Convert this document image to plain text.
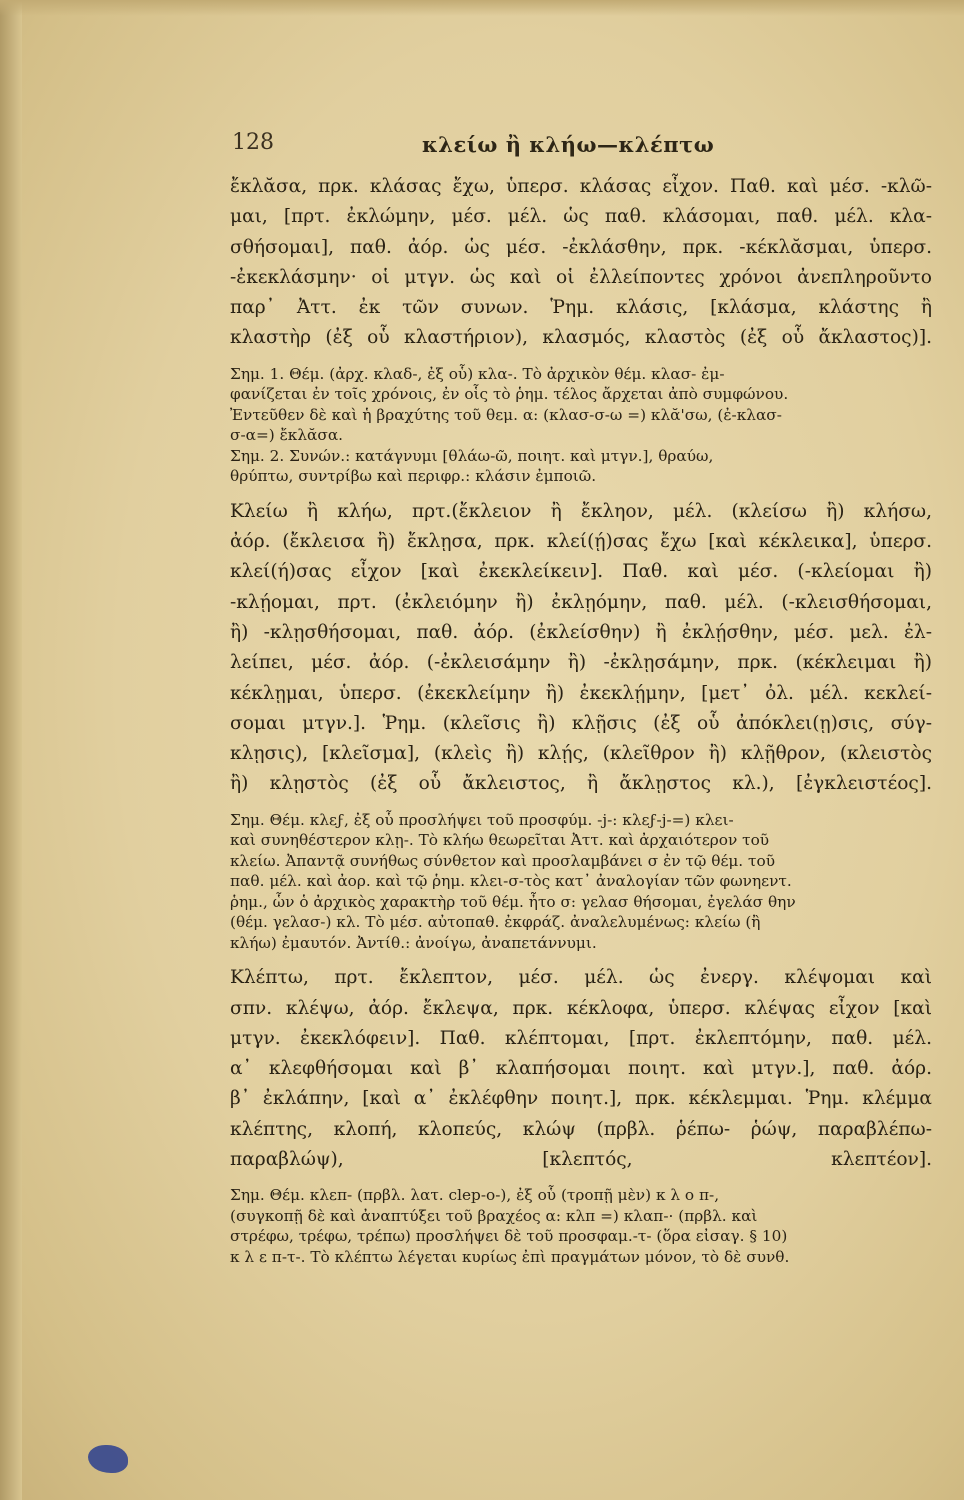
128	κλείω ἢ κλήω—κλέπτω

ἔκλᾰσα, πρκ. κλάσας ἔχω, ὑπερσ. κλάσας εἶχον. Παθ. καὶ μέσ. -κλῶ-

μαι, [πρτ. ἐκλώμην, μέσ. μέλ. ὡς παθ. κλάσομαι, παθ. μέλ. κλα-

σθήσομαι], παθ. ἀόρ. ὡς μέσ. -ἐκλάσθην, πρκ. -κέκλᾰσμαι, ὑπερσ.

-ἐκεκλάσμην· οἱ μτγν. ὡς καὶ οἱ ἐλλείποντες χρόνοι ἀνεπληροῦντο

παρ᾽ Ἀττ. ἐκ τῶν συνων. Ῥημ. κλάσις, [κλάσμα, κλάστης ἢ

κλαστὴρ (ἐξ οὗ κλαστήριον), κλασμός, κλαστὸς (ἐξ οὗ ἄκλαστος)].

Σημ. 1. Θέμ. (ἀρχ. κλαδ-, ἐξ οὗ) κλα-. Τὸ ἀρχικὸν θέμ. κλασ- ἐμ-

φανίζεται ἐν τοῖς χρόνοις, ἐν οἷς τὸ ῥημ. τέλος ἄρχεται ἀπὸ συμφώνου.

Ἐντεῦθεν δὲ καὶ ἡ βραχύτης τοῦ θεμ. α: (κλασ-σ-ω =) κλᾰ'σω, (ἐ-κλασ-

σ-α=) ἔκλᾰσα.

Σημ. 2. Συνών.: κατάγνυμι [θλάω-ῶ, ποιητ. καὶ μτγν.], θραύω,

θρύπτω, συντρίβω καὶ περιφρ.: κλάσιν ἐμποιῶ.

Κλείω ἢ κλήω, πρτ.(ἔκλειον ἢ ἔκληον, μέλ. (κλείσω ἢ) κλήσω,

ἀόρ. (ἔκλεισα ἢ) ἔκλῃσα, πρκ. κλεί(ῄ)σας ἔχω [καὶ κέκλεικα], ὑπερσ.

κλεί(ή)σας εἶχον [καὶ ἐκεκλείκειν]. Παθ. καὶ μέσ. (-κλείομαι ἢ)

-κλῄομαι, πρτ. (ἐκλειόμην ἢ) ἐκλῃόμην, παθ. μέλ. (-κλεισθήσομαι,

ἢ) -κλῃσθήσομαι, παθ. ἀόρ. (ἐκλείσθην) ἢ ἐκλῄσθην, μέσ. μελ. ἐλ-

λείπει, μέσ. ἀόρ. (-ἐκλεισάμην ἢ) -ἐκλῃσάμην, πρκ. (κέκλειμαι ἢ)

κέκλῃμαι, ὑπερσ. (ἐκεκλείμην ἢ) ἐκεκλῄμην, [μετ᾽ ὀλ. μέλ. κεκλεί-

σομαι μτγν.]. Ῥημ. (κλεῖσις ἢ) κλῇσις (ἐξ οὗ ἀπόκλει(ῃ)σις, σύγ-

κλῃσις), [κλεῖσμα], (κλεὶς ἢ) κλῄς, (κλεῖθρον ἢ) κλῇθρον, (κλειστὸς

ἢ) κλῃστὸς (ἐξ οὗ ἄκλειστος, ἢ ἄκλῃστος κλ.), [ἐγκλειστέος].

Σημ. Θέμ. κλεϝ, ἐξ οὗ προσλήψει τοῦ προσφύμ. -j-: κλεϝ-j-=) κλει-

καὶ συνηθέστερον κλῃ-. Τὸ κλήω θεωρεῖται Ἀττ. καὶ ἀρχαιότερον τοῦ

κλείω. Ἀπαντᾷ συνήθως σύνθετον καὶ προσλαμβάνει σ ἐν τῷ θέμ. τοῦ

παθ. μέλ. καὶ ἀορ. καὶ τῷ ῥημ. κλει-σ-τὸς κατ᾽ ἀναλογίαν τῶν φωνηεντ.

ῥημ., ὧν ὁ ἀρχικὸς χαρακτὴρ τοῦ θέμ. ἦτο σ: γελασ θήσομαι, ἐγελάσ θην

(θέμ. γελασ-) κλ. Τὸ μέσ. αὐτοπαθ. ἐκφράζ. ἀναλελυμένως: κλείω (ἢ

κλήω) ἐμαυτόν. Ἀντίθ.: ἀνοίγω, ἀναπετάννυμι.

Κλέπτω, πρτ. ἔκλεπτον, μέσ. μέλ. ὡς ἐνεργ. κλέψομαι καὶ

σπν. κλέψω, ἀόρ. ἔκλεψα, πρκ. κέκλοφα, ὑπερσ. κλέψας εἶχον [καὶ

μτγν. ἐκεκλόφειν]. Παθ. κλέπτομαι, [πρτ. ἐκλεπτόμην, παθ. μέλ.

α᾽ κλεφθήσομαι καὶ β᾽ κλαπήσομαι ποιητ. καὶ μτγν.], παθ. ἀόρ.

β᾽ ἐκλάπην, [καὶ α᾽ ἐκλέφθην ποιητ.], πρκ. κέκλεμμαι. Ῥημ. κλέμμα

κλέπτης, κλοπή, κλοπεύς, κλώψ (πρβλ. ῥέπω- ῥώψ, παραβλέπω-

παραβλώψ), [κλεπτός, κλεπτέον].

Σημ. Θέμ. κλεπ- (πρβλ. λατ. clep-o-), ἐξ οὗ (τροπῇ μὲν) κ λ ο π-,

(συγκοπῇ δὲ καὶ ἀναπτύξει τοῦ βραχέος α: κλπ =) κλαπ-· (πρβλ. καὶ

στρέφω, τρέφω, τρέπω) προσλήψει δὲ τοῦ προσφαμ.-τ- (ὅρα εἰσαγ. § 10)

κ λ ε π-τ-. Τὸ κλέπτω λέγεται κυρίως ἐπὶ πραγμάτων μόνον, τὸ δὲ συνθ.
